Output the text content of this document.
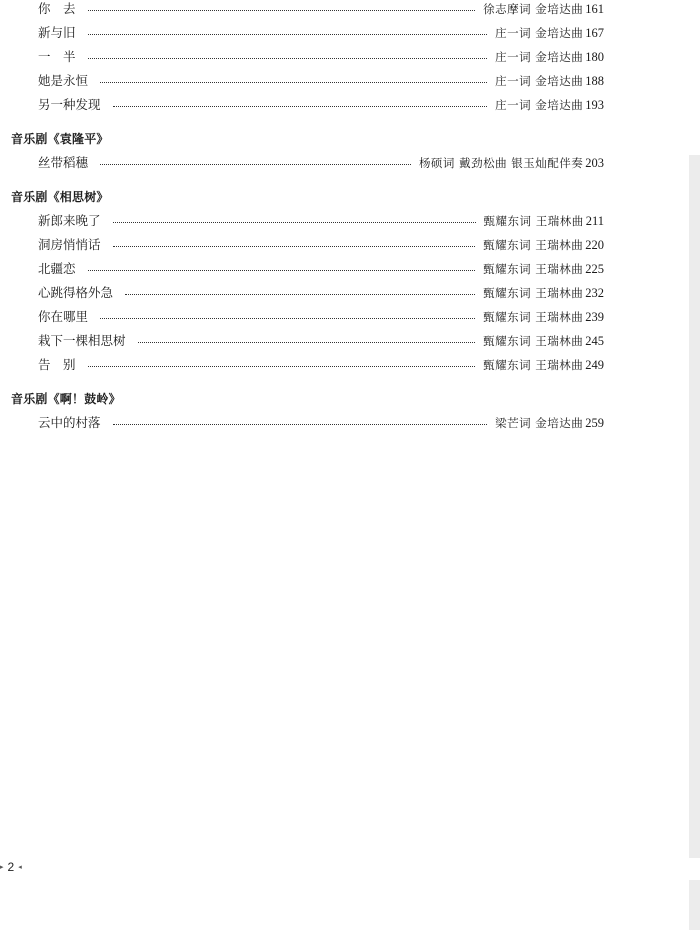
你　去	徐志摩词 金培达曲 161
新与旧	庄一词 金培达曲 167
一　半	庄一词 金培达曲 180
她是永恒	庄一词 金培达曲 188
另一种发现	庄一词 金培达曲 193
音乐剧《袁隆平》
丝带稻穗	杨硕词 戴劲松曲 银玉灿配伴奏 203
音乐剧《相思树》
新郎来晚了	甄耀东词 王瑞林曲 211
洞房悄悄话	甄耀东词 王瑞林曲 220
北疆恋	甄耀东词 王瑞林曲 225
心跳得格外急	甄耀东词 王瑞林曲 232
你在哪里	甄耀东词 王瑞林曲 239
栽下一棵相思树	甄耀东词 王瑞林曲 245
告　别	甄耀东词 王瑞林曲 249
音乐剧《啊！鼓岭》
云中的村落	梁芒词 金培达曲 259
▸ 2 ◂
